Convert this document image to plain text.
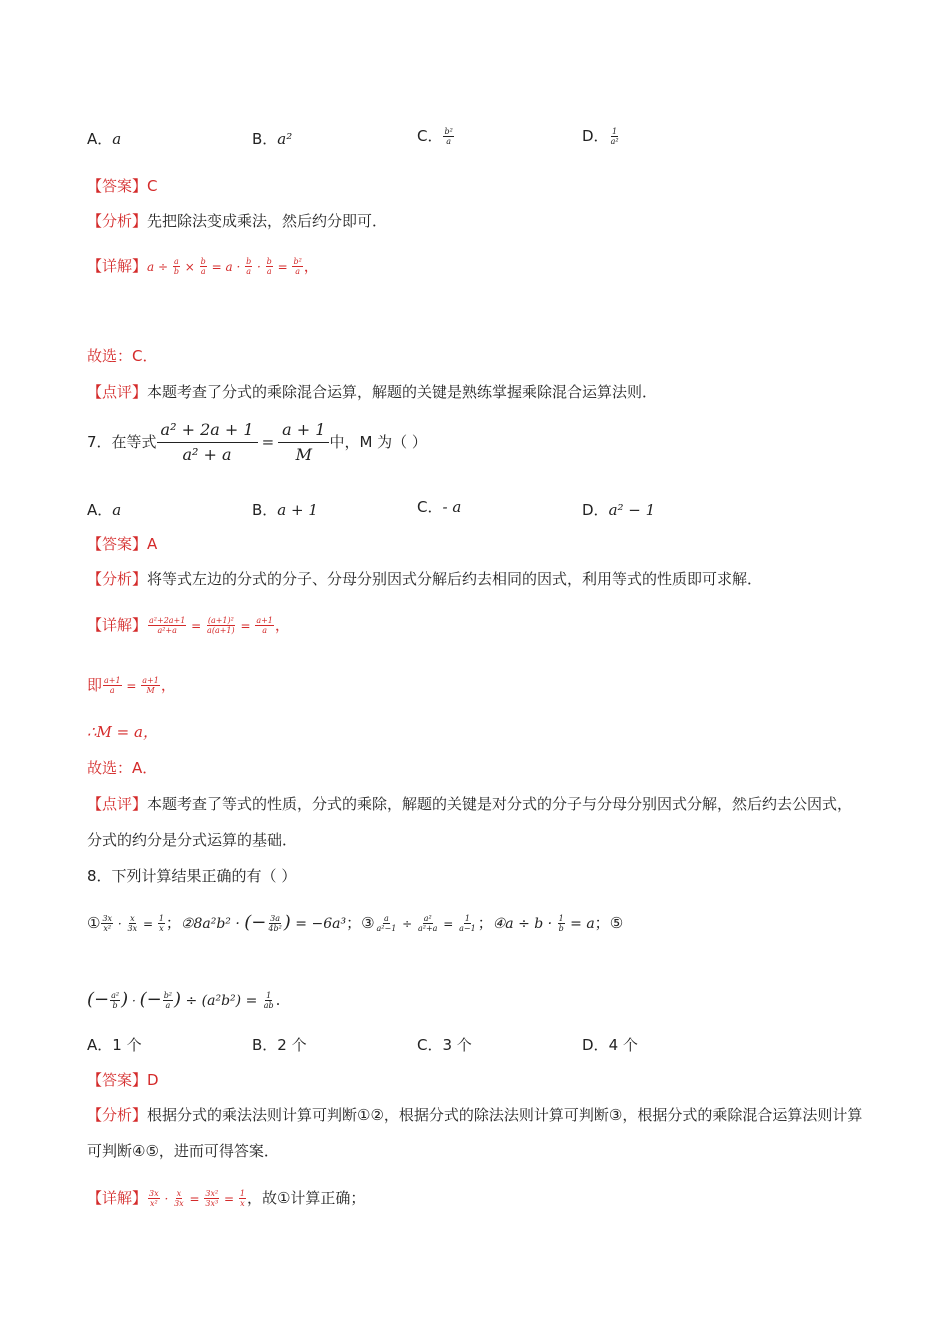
A．a	B．a²	C． $\frac{\text{b²}}{a}$	D． $\frac{1}{\text{a²}}$
【答案】C
【分析】先把除法变成乘法，然后约分即可．
【详解】$a \div \frac{a}{b} \times \frac{b}{a} = a \cdot \frac{b}{a} \cdot \frac{b}{a} = \frac{\text{b²}}{a}$ ，
故选：C．
【点评】本题考查了分式的乘除混合运算，解题的关键是熟练掌握乘除混合运算法则．
7．在等式 $\frac{\text{a² + 2a + 1}}{\text{a² + a}} = \frac{a + 1}{M}$ 中，M 为（ ）
A．a	B．a + 1	C．- a	D．a² − 1
【答案】A
【分析】将等式左边的分式的分子、分母分别因式分解后约去相同的因式，利用等式的性质即可求解．
【详解】 $\frac{\text{a²+2a+1}}{\text{a²+a}} = \frac{\text{(a+1)²}}{a(a+1)} = \frac{a+1}{a}$ ，
即 $\frac{a+1}{a} = \frac{a+1}{M}$ ，
∴M = a，
故选：A．
【点评】本题考查了等式的性质，分式的乘除，解题的关键是对分式的分子与分母分别因式分解，然后约去公因式，分式的约分是分式运算的基础．
8．下列计算结果正确的有（ ）
① $\frac{3x}{\text{x²}} \cdot \frac{x}{3x} = \frac{1}{x}$ ；②8a²b² · (− $\frac{3a}{\text{4b²}}$ ) = −6a³；③ $\frac{a}{\text{a²−1}} \div \frac{\text{a²}}{\text{a²+a}} = \frac{1}{a-1}$ ；④a ÷ $b \cdot \frac{1}{b} = a$；⑤
(− $\frac{\text{a²}}{b}$ ) · (− $\frac{\text{b²}}{a}$ ) ÷ $(a^2b^2) = \frac{1}{ab}$ .
A．1 个	B．2 个	C．3 个	D．4 个
【答案】D
【分析】根据分式的乘法法则计算可判断①②，根据分式的除法法则计算可判断③，根据分式的乘除混合运算法则计算可判断④⑤，进而可得答案．
【详解】 $\frac{3x}{\text{x²}} \cdot \frac{x}{3x} = \frac{\text{3x²}}{\text{3x³}} = \frac{1}{x}$ ，故①计算正确；
